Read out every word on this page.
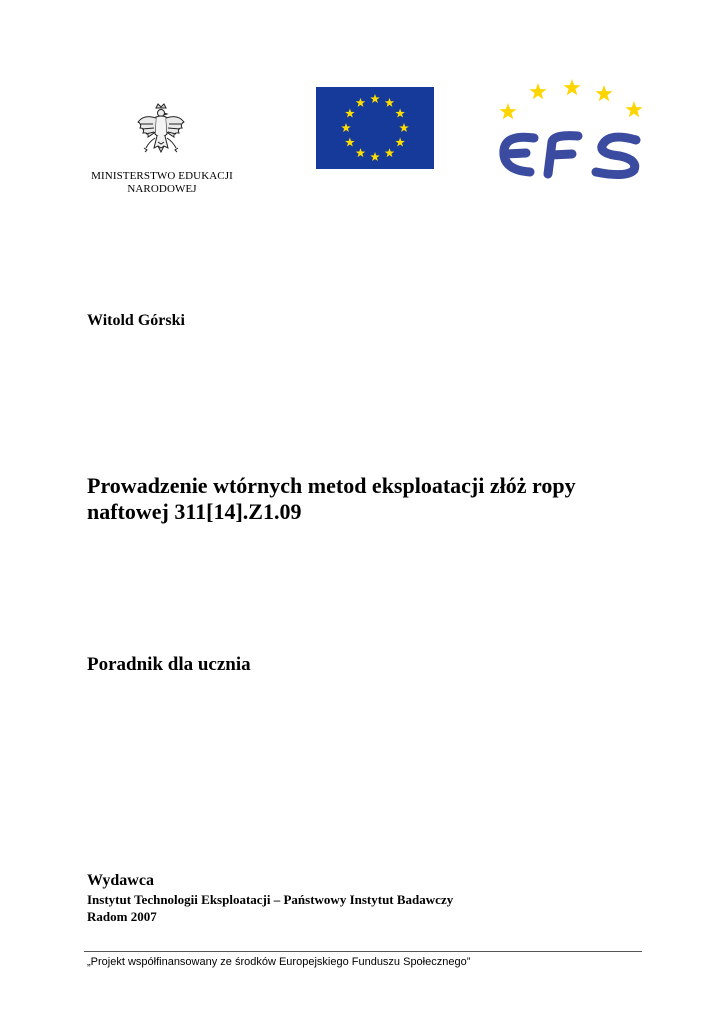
MINISTERSTWO EDUKACJI
NARODOWEJ
Witold Górski
Prowadzenie wtórnych metod eksploatacji złóż ropy
naftowej 311[14].Z1.09
Poradnik dla ucznia
Wydawca
Instytut Technologii Eksploatacji – Państwowy Instytut Badawczy
Radom 2007
„Projekt współfinansowany ze środków Europejskiego Funduszu Społecznego”
